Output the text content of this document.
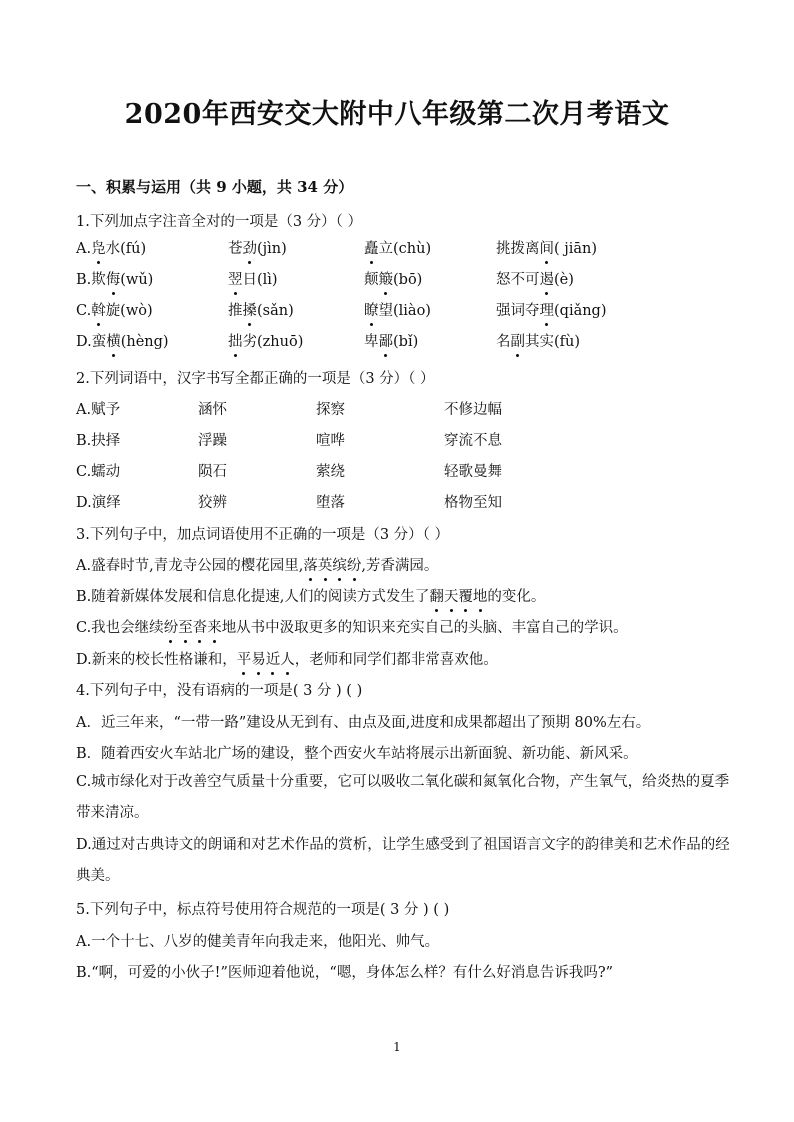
2020年西安交大附中八年级第二次月考语文
一、积累与运用（共 9 小题，共 34 分）
1.下列加点字注音全对的一项是（3 分）（ ）
A.凫水(fú)	苍劲(jìn)	矗立(chù)	挑拨离间( jiān)
B.欺侮(wǔ)	翌日(lì)	颠簸(bō)	怒不可遏(è)
C.斡旋(wò)	推搡(sǎn)	瞭望(liào)	强词夺理(qiǎng)
D.蛮横(hèng)	拙劣(zhuō)	卑鄙(bǐ)	名副其实(fù)
2.下列词语中，汉字书写全都正确的一项是（3 分）（ ）
A.赋予	涵怀	探察	不修边幅
B.抉择	浮躁	喧哗	穿流不息
C.蠕动	陨石	萦绕	轻歌曼舞
D.演绎	狡辨	堕落	格物至知
3.下列句子中，加点词语使用不正确的一项是（3 分）（ ）
A.盛春时节,青龙寺公园的樱花园里,落英缤纷,芳香满园。
B.随着新媒体发展和信息化提速,人们的阅读方式发生了翻天覆地的变化。
C.我也会继续纷至沓来地从书中汲取更多的知识来充实自己的头脑、丰富自己的学识。
D.新来的校长性格谦和，平易近人，老师和同学们都非常喜欢他。
4.下列句子中，没有语病的一项是( 3 分 ) ( )
A．近三年来，“一带一路”建设从无到有、由点及面,进度和成果都超出了预期 80%左右。
B．随着西安火车站北广场的建设，整个西安火车站将展示出新面貌、新功能、新风采。
C.城市绿化对于改善空气质量十分重要，它可以吸收二氧化碳和氮氧化合物，产生氧气，给炎热的夏季带来清凉。
D.通过对古典诗文的朗诵和对艺术作品的赏析，让学生感受到了祖国语言文字的韵律美和艺术作品的经典美。
5.下列句子中，标点符号使用符合规范的一项是( 3 分 ) ( )
A.一个十七、八岁的健美青年向我走来，他阳光、帅气。
B.“啊，可爱的小伙子!”医师迎着他说，“嗯，身体怎么样？有什么好消息告诉我吗?”
1
